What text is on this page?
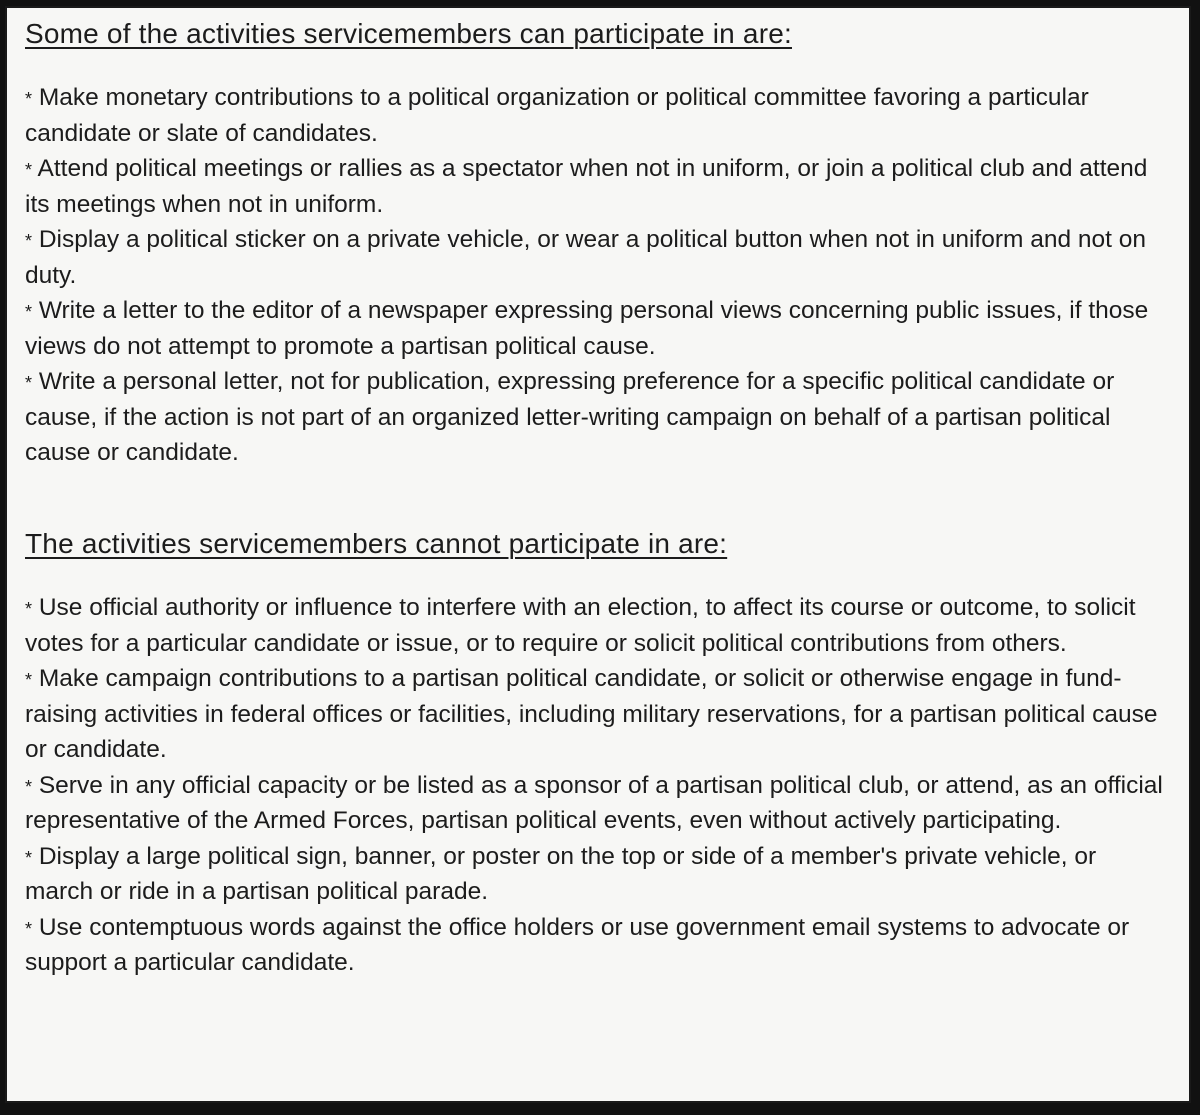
Some of the activities servicemembers can participate in are:
* Make monetary contributions to a political organization or political committee favoring a particular candidate or slate of candidates.
* Attend political meetings or rallies as a spectator when not in uniform, or join a political club and attend its meetings when not in uniform.
* Display a political sticker on a private vehicle, or wear a political button when not in uniform and not on duty.
* Write a letter to the editor of a newspaper expressing personal views concerning public issues, if those views do not attempt to promote a partisan political cause.
* Write a personal letter, not for publication, expressing preference for a specific political candidate or cause, if the action is not part of an organized letter-writing campaign on behalf of a partisan political cause or candidate.
The activities servicemembers cannot participate in are:
* Use official authority or influence to interfere with an election, to affect its course or outcome, to solicit votes for a particular candidate or issue, or to require or solicit political contributions from others.
* Make campaign contributions to a partisan political candidate, or solicit or otherwise engage in fund-raising activities in federal offices or facilities, including military reservations, for a partisan political cause or candidate.
* Serve in any official capacity or be listed as a sponsor of a partisan political club, or attend, as an official representative of the Armed Forces, partisan political events, even without actively participating.
* Display a large political sign, banner, or poster on the top or side of a member's private vehicle, or march or ride in a partisan political parade.
* Use contemptuous words against the office holders or use government email systems to advocate or support a particular candidate.
